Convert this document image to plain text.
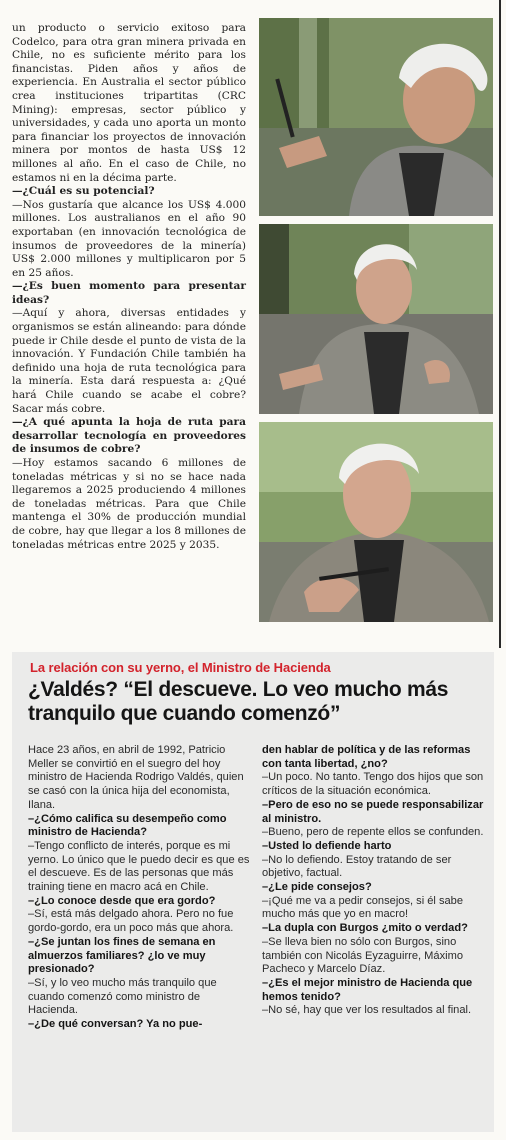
un producto o servicio exitoso para Codelco, para otra gran minera privada en Chile, no es suficiente mérito para los financistas. Piden años y años de experiencia. En Australia el sector público crea instituciones tripartitas (CRC Mining): empresas, sector público y universidades, y cada uno aporta un monto para financiar los proyectos de innovación minera por montos de hasta US$ 12 millones al año. En el caso de Chile, no estamos ni en la décima parte.

—¿Cuál es su potencial?

—Nos gustaría que alcance los US$ 4.000 millones. Los australianos en el año 90 exportaban (en innovación tecnológica de insumos de proveedores de la minería) US$ 2.000 millones y multiplicaron por 5 en 25 años.

—¿Es buen momento para presentar ideas?

—Aquí y ahora, diversas entidades y organismos se están alineando: para dónde puede ir Chile desde el punto de vista de la innovación. Y Fundación Chile también ha definido una hoja de ruta tecnológica para la minería. Esta dará respuesta a: ¿Qué hará Chile cuando se acabe el cobre? Sacar más cobre.

—¿A qué apunta la hoja de ruta para desarrollar tecnología en proveedores de insumos de cobre?

—Hoy estamos sacando 6 millones de toneladas métricas y si no se hace nada llegaremos a 2025 produciendo 4 millones de toneladas métricas. Para que Chile mantenga el 30% de producción mundial de cobre, hay que llegar a los 8 millones de toneladas métricas entre 2025 y 2035.

La relación con su yerno, el Ministro de Hacienda
¿Valdés? “El descueve. Lo veo mucho más tranquilo que cuando comenzó”

Hace 23 años, en abril de 1992, Patricio Meller se convirtió en el suegro del hoy ministro de Hacienda Rodrigo Valdés, quien se casó con la única hija del economista, Ilana.

–¿Cómo califica su desempeño como ministro de Hacienda?

–Tengo conflicto de interés, porque es mi yerno. Lo único que le puedo decir es que es el descueve. Es de las personas que más training tiene en macro acá en Chile.

–¿Lo conoce desde que era gordo?

–Sí, está más delgado ahora. Pero no fue gordo-gordo, era un poco más que ahora.

–¿Se juntan los fines de semana en almuerzos familiares? ¿lo ve muy presionado?

–Sí, y lo veo mucho más tranquilo que cuando comenzó como ministro de Hacienda.

–¿De qué conversan? Ya no pue-

den hablar de política y de las reformas con tanta libertad, ¿no?

–Un poco. No tanto. Tengo dos hijos que son críticos de la situación económica.

–Pero de eso no se puede responsabilizar al ministro.

–Bueno, pero de repente ellos se confunden.

–Usted lo defiende harto

–No lo defiendo. Estoy tratando de ser objetivo, factual.

–¿Le pide consejos?

–¡Qué me va a pedir consejos, si él sabe mucho más que yo en macro!

–La dupla con Burgos ¿mito o verdad?

–Se lleva bien no sólo con Burgos, sino también con Nicolás Eyzaguirre, Máximo Pacheco y Marcelo Díaz.

–¿Es el mejor ministro de Hacienda que hemos tenido?

–No sé, hay que ver los resultados al final.
